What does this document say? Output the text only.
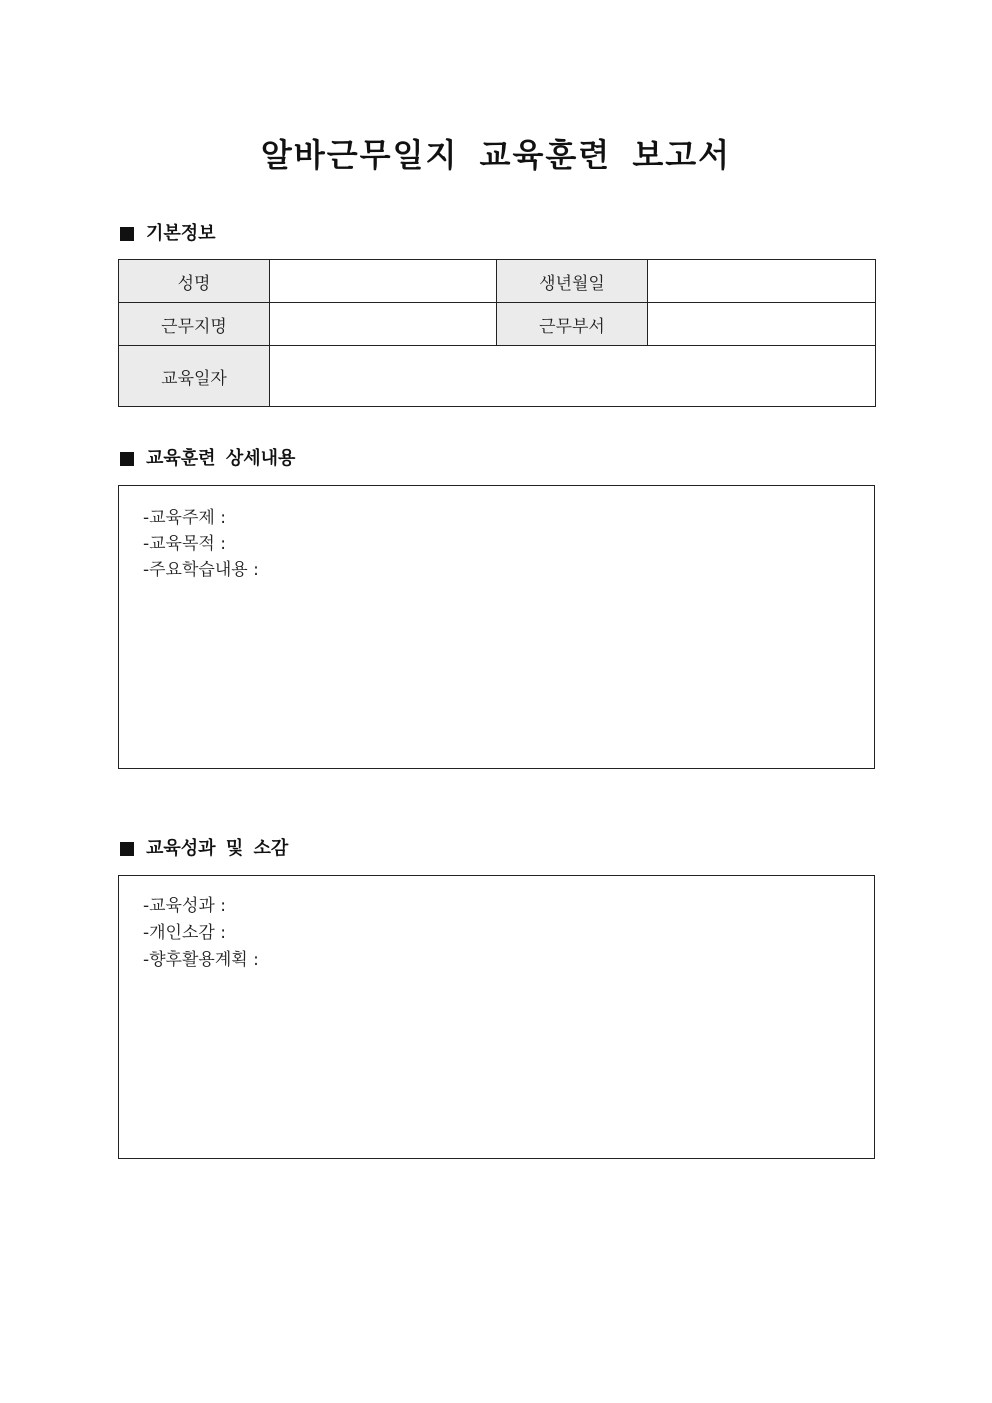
알바근무일지 교육훈련 보고서
기본정보
성명		생년월일	
근무지명		근무부서	
교육일자			
교육훈련 상세내용
-교육주제 :
-교육목적 :
-주요학습내용 :
교육성과 및 소감
-교육성과 :
-개인소감 :
-향후활용계획 :
